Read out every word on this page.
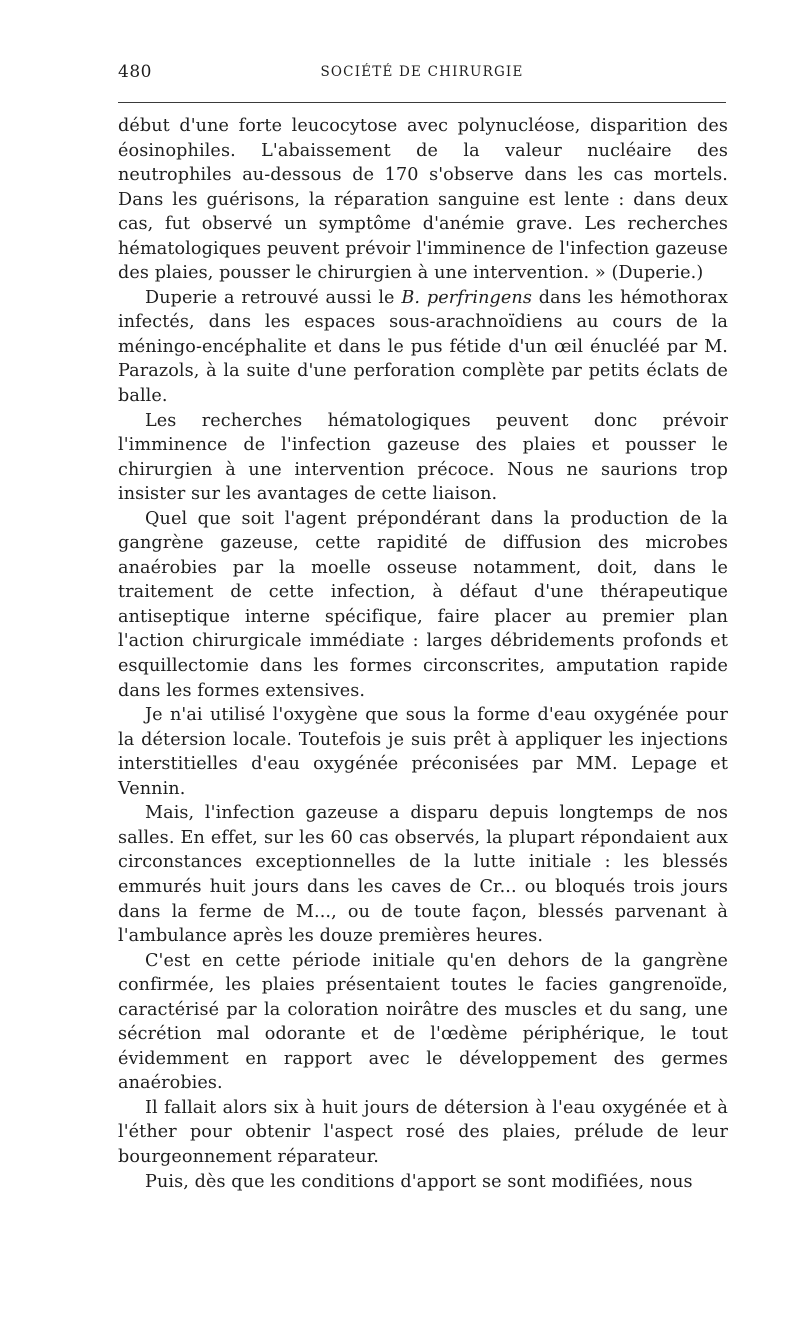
480	SOCIÉTÉ DE CHIRURGIE

début d'une forte leucocytose avec polynucléose, disparition des éosinophiles. L'abaissement de la valeur nucléaire des neutrophiles au-dessous de 170 s'observe dans les cas mortels. Dans les guérisons, la réparation sanguine est lente : dans deux cas, fut observé un symptôme d'anémie grave. Les recherches hématologiques peuvent prévoir l'imminence de l'infection gazeuse des plaies, pousser le chirurgien à une intervention. » (Duperie.)

Duperie a retrouvé aussi le B. perfringens dans les hémothorax infectés, dans les espaces sous-arachnoïdiens au cours de la méningo-encéphalite et dans le pus fétide d'un œil énucléé par M. Parazols, à la suite d'une perforation complète par petits éclats de balle.

Les recherches hématologiques peuvent donc prévoir l'imminence de l'infection gazeuse des plaies et pousser le chirurgien à une intervention précoce. Nous ne saurions trop insister sur les avantages de cette liaison.

Quel que soit l'agent prépondérant dans la production de la gangrène gazeuse, cette rapidité de diffusion des microbes anaérobies par la moelle osseuse notamment, doit, dans le traitement de cette infection, à défaut d'une thérapeutique antiseptique interne spécifique, faire placer au premier plan l'action chirurgicale immédiate : larges débridements profonds et esquillectomie dans les formes circonscrites, amputation rapide dans les formes extensives.

Je n'ai utilisé l'oxygène que sous la forme d'eau oxygénée pour la détersion locale. Toutefois je suis prêt à appliquer les injections interstitielles d'eau oxygénée préconisées par MM. Lepage et Vennin.

Mais, l'infection gazeuse a disparu depuis longtemps de nos salles. En effet, sur les 60 cas observés, la plupart répondaient aux circonstances exceptionnelles de la lutte initiale : les blessés emmurés huit jours dans les caves de Cr... ou bloqués trois jours dans la ferme de M..., ou de toute façon, blessés parvenant à l'ambulance après les douze premières heures.

C'est en cette période initiale qu'en dehors de la gangrène confirmée, les plaies présentaient toutes le facies gangrenoïde, caractérisé par la coloration noirâtre des muscles et du sang, une sécrétion mal odorante et de l'œdème périphérique, le tout évidemment en rapport avec le développement des germes anaérobies.

Il fallait alors six à huit jours de détersion à l'eau oxygénée et à l'éther pour obtenir l'aspect rosé des plaies, prélude de leur bourgeonnement réparateur.

Puis, dès que les conditions d'apport se sont modifiées, nous
